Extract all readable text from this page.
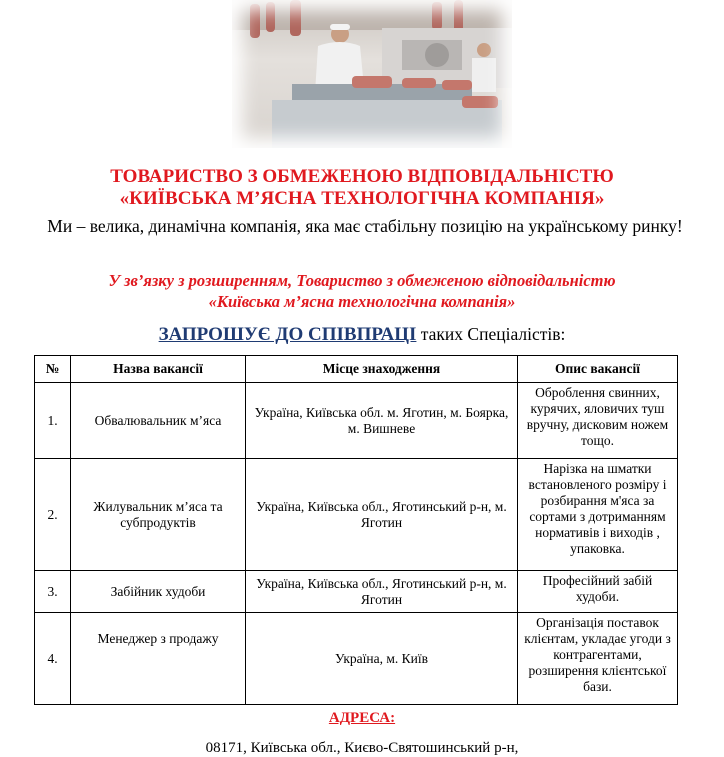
ТОВАРИСТВО З ОБМЕЖЕНОЮ ВІДПОВІДАЛЬНІСТЮ

«КИЇВСЬКА М’ЯСНА ТЕХНОЛОГІЧНА КОМПАНІЯ»

Ми – велика, динамічна компанія, яка має стабільну позицію на українському ринку!

У зв’язку з розширенням, Товариство з обмеженою відповідальністю

«Київська м’ясна технологічна компанія»

ЗАПРОШУЄ ДО СПІВПРАЦІ таких Спеціалістів:

№	Назва вакансії	Місце знаходження	Опис вакансії
1.	Обвалювальник м’яса	Україна, Київська обл. м. Яготин, м. Боярка, м. Вишневе	Оброблення свинних, курячих, яловичих туш вручну, дисковим ножем тощо.
2.	Жилувальник м’яса та субпродуктів	Україна, Київська обл., Яготинський р-н, м. Яготин	Нарізка на шматки встановленого розміру і розбирання м'яса за сортами з дотриманням нормативів і виходів , упаковка.
3.	Забійник худоби	Україна, Київська обл., Яготинський р-н, м. Яготин	Професійний забій худоби.
4.	Менеджер з продажу	Україна, м. Київ	Організація поставок клієнтам, укладає угоди з контрагентами, розширення клієнтської бази.

АДРЕСА:

08171, Київська обл., Києво-Святошинський р-н,
